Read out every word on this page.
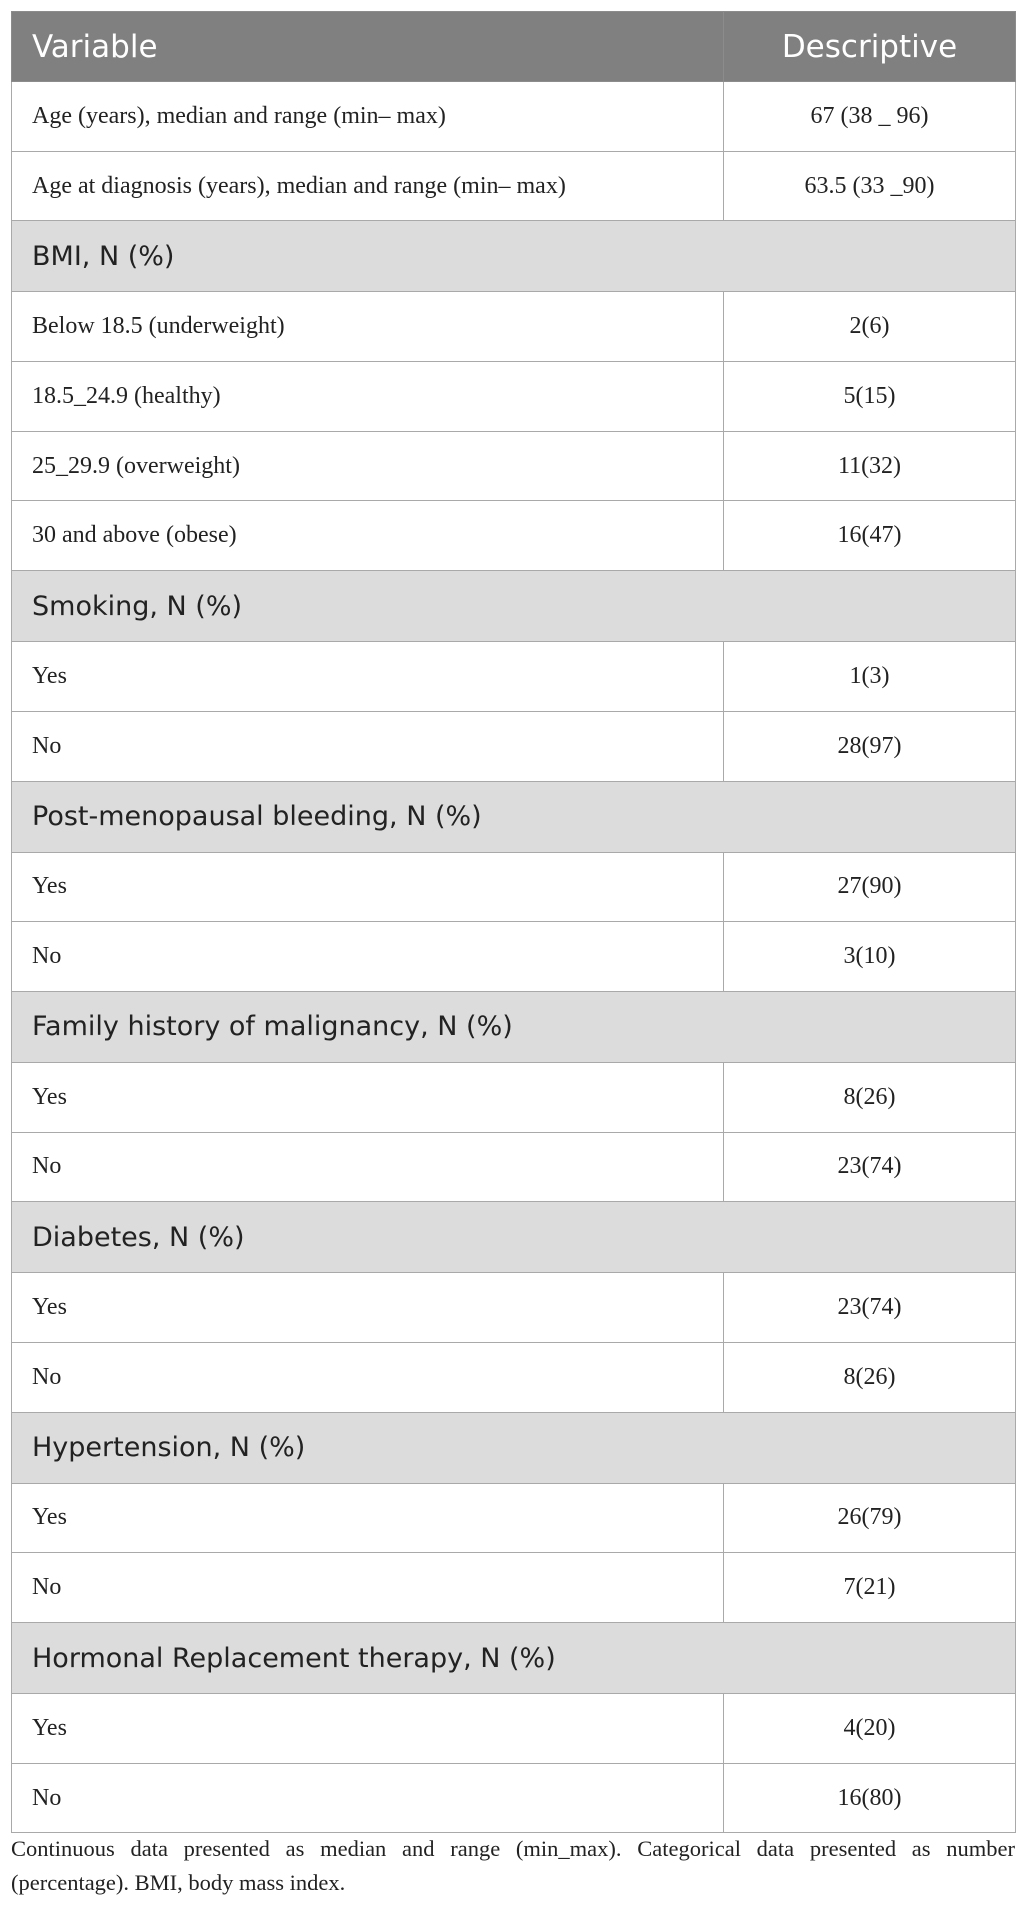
Variable	Descriptive
Age (years), median and range (min– max)	67 (38 _ 96)
Age at diagnosis (years), median and range (min– max)	63.5 (33 _90)
BMI, N (%)	
Below 18.5 (underweight)	2(6)
18.5_24.9 (healthy)	5(15)
25_29.9 (overweight)	11(32)
30 and above (obese)	16(47)
Smoking, N (%)	
Yes	1(3)
No	28(97)
Post-menopausal bleeding, N (%)	
Yes	27(90)
No	3(10)
Family history of malignancy, N (%)	
Yes	8(26)
No	23(74)
Diabetes, N (%)	
Yes	23(74)
No	8(26)
Hypertension, N (%)	
Yes	26(79)
No	7(21)
Hormonal Replacement therapy, N (%)	
Yes	4(20)
No	16(80)
Continuous data presented as median and range (min_max). Categorical data presented as number (percentage). BMI, body mass index.
